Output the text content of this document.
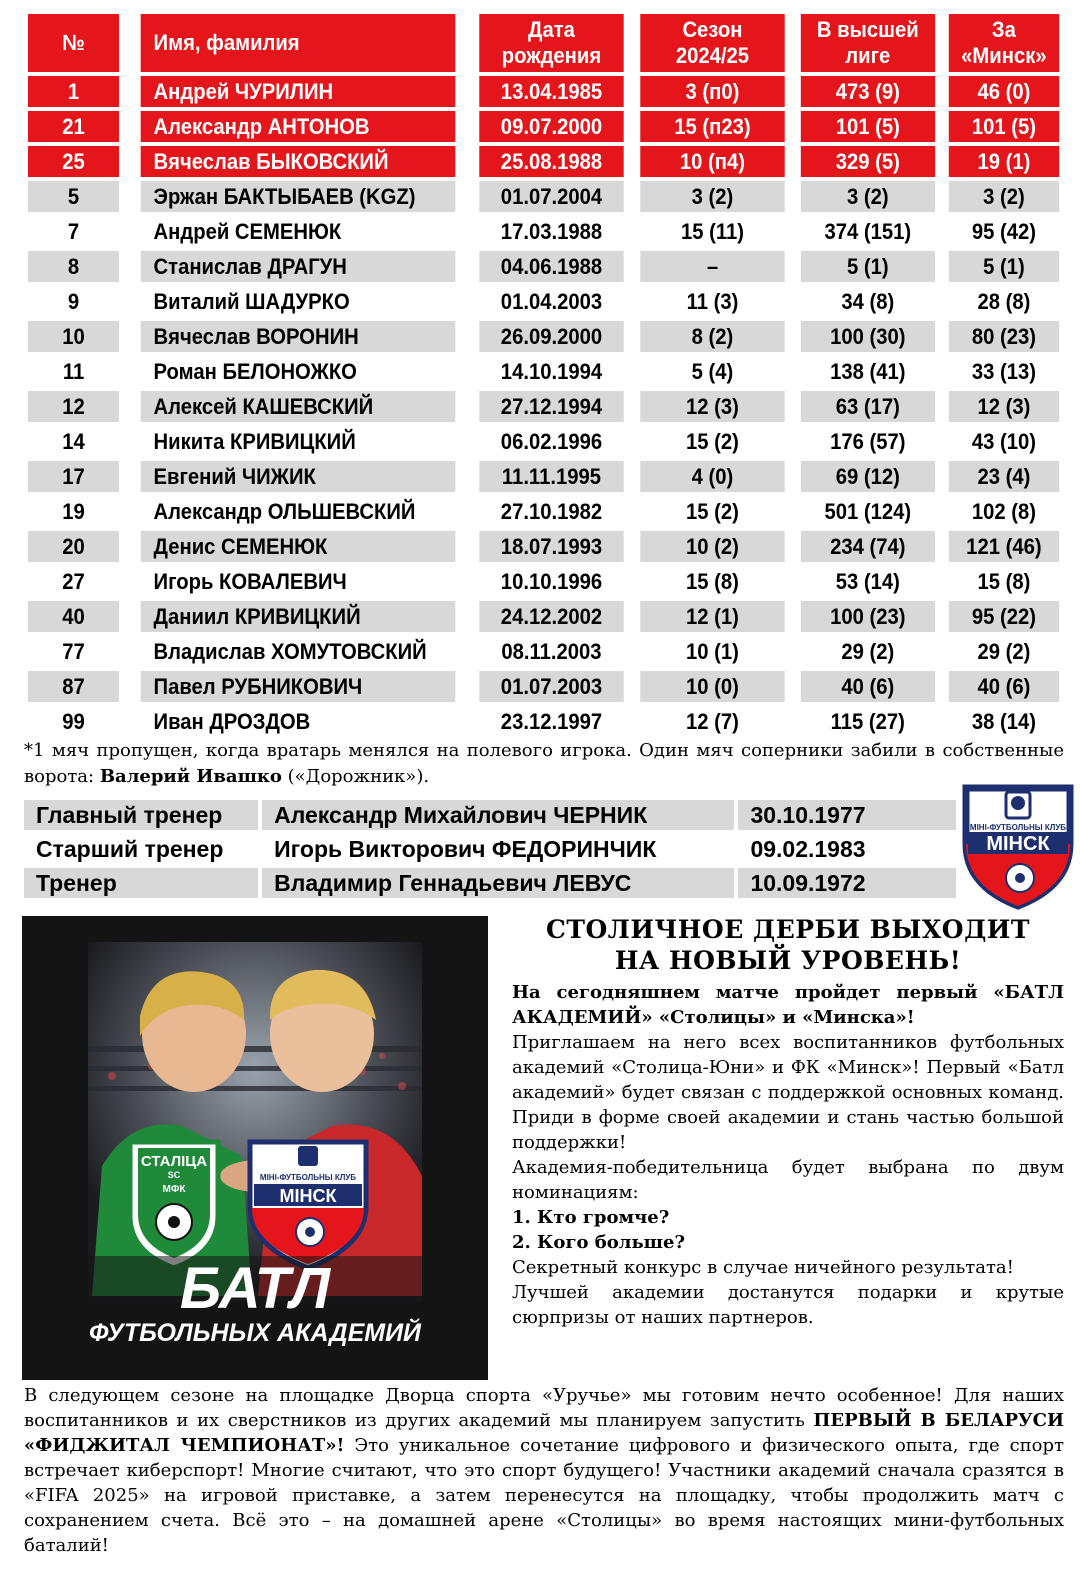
№	Имя, фамилия	Дата рождения	Сезон 2024/25	В высшей лиге	За «Минск»
1	Андрей ЧУРИЛИН	13.04.1985	3 (п0)	473 (9)	46 (0)
21	Александр АНТОНОВ	09.07.2000	15 (п23)	101 (5)	101 (5)
25	Вячеслав БЫКОВСКИЙ	25.08.1988	10 (п4)	329 (5)	19 (1)
5	Эржан БАКТЫБАЕВ (KGZ)	01.07.2004	3 (2)	3 (2)	3 (2)
7	Андрей СЕМЕНЮК	17.03.1988	15 (11)	374 (151)	95 (42)
8	Станислав ДРАГУН	04.06.1988	–	5 (1)	5 (1)
9	Виталий ШАДУРКО	01.04.2003	11 (3)	34 (8)	28 (8)
10	Вячеслав ВОРОНИН	26.09.2000	8 (2)	100 (30)	80 (23)
11	Роман БЕЛОНОЖКО	14.10.1994	5 (4)	138 (41)	33 (13)
12	Алексей КАШЕВСКИЙ	27.12.1994	12 (3)	63 (17)	12 (3)
14	Никита КРИВИЦКИЙ	06.02.1996	15 (2)	176 (57)	43 (10)
17	Евгений ЧИЖИК	11.11.1995	4 (0)	69 (12)	23 (4)
19	Александр ОЛЬШЕВСКИЙ	27.10.1982	15 (2)	501 (124)	102 (8)
20	Денис СЕМЕНЮК	18.07.1993	10 (2)	234 (74)	121 (46)
27	Игорь КОВАЛЕВИЧ	10.10.1996	15 (8)	53 (14)	15 (8)
40	Даниил КРИВИЦКИЙ	24.12.2002	12 (1)	100 (23)	95 (22)
77	Владислав ХОМУТОВСКИЙ	08.11.2003	10 (1)	29 (2)	29 (2)
87	Павел РУБНИКОВИЧ	01.07.2003	10 (0)	40 (6)	40 (6)
99	Иван ДРОЗДОВ	23.12.1997	12 (7)	115 (27)	38 (14)
*1 мяч пропущен, когда вратарь менялся на полевого игрока. Один мяч соперники забили в собственные ворота: Валерий Ивашко («Дорожник»).
Главный тренер	Александр Михайлович ЧЕРНИК	30.10.1977
Старший тренер	Игорь Викторович ФЕДОРИНЧИК	09.02.1983
Тренер	Владимир Геннадьевич ЛЕВУС	10.09.1972
МІНІ-ФУТБОЛЬНЫ КЛУБ
МІНСК
СТАЛІЦА
SC
МФК
МІНІ-ФУТБОЛЬНЫ КЛУБ
МІНСК
БАТЛ
ФУТБОЛЬНЫХ АКАДЕМИЙ
СТОЛИЧНОЕ ДЕРБИ ВЫХОДИТ
НА НОВЫЙ УРОВЕНЬ!

На сегодняшнем матче пройдет первый «БАТЛ АКАДЕМИЙ» «Столицы» и «Минска»!

Приглашаем на него всех воспитанников футбольных академий «Столица-Юни» и ФК «Минск»! Первый «Батл академий» будет связан с поддержкой основных команд. Приди в форме своей академии и стань частью большой поддержки!

Академия-победительница будет выбрана по двум номинациям:

1. Кто громче?

2. Кого больше?

Секретный конкурс в случае ничейного результата!

Лучшей академии достанутся подарки и крутые сюрпризы от наших партнеров.

В следующем сезоне на площадке Дворца спорта «Уручье» мы готовим нечто особенное! Для наших воспитанников и их сверстников из других академий мы планируем запустить ПЕРВЫЙ В БЕЛАРУСИ «ФИДЖИТАЛ ЧЕМПИОНАТ»! Это уникальное сочетание цифрового и физического опыта, где спорт встречает киберспорт! Многие считают, что это спорт будущего! Участники академий сначала сразятся в «FIFA 2025» на игровой приставке, а затем перенесутся на площадку, чтобы продолжить матч с сохранением счета. Всё это – на домашней арене «Столицы» во время настоящих мини-футбольных баталий!
